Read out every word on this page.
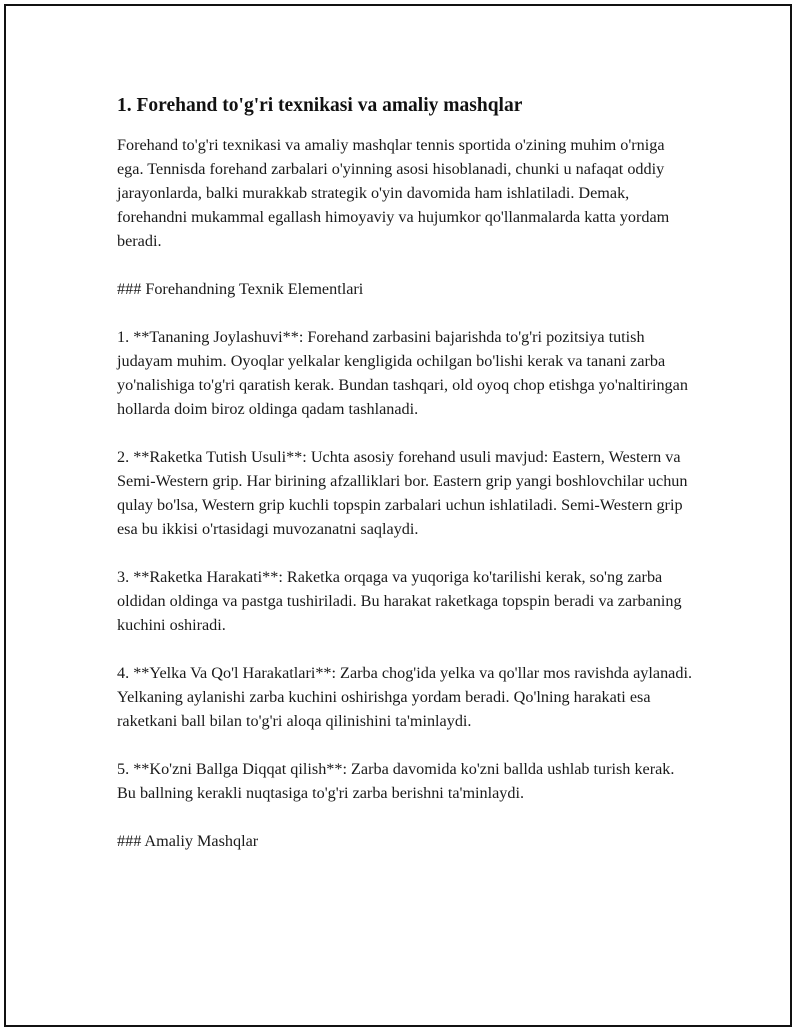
1. Forehand to'g'ri texnikasi va amaliy mashqlar

Forehand to'g'ri texnikasi va amaliy mashqlar tennis sportida o'zining muhim o'rniga ega. Tennisda forehand zarbalari o'yinning asosi hisoblanadi, chunki u nafaqat oddiy jarayonlarda, balki murakkab strategik o'yin davomida ham ishlatiladi. Demak, forehandni mukammal egallash himoyaviy va hujumkor qo'llanmalarda katta yordam beradi.

### Forehandning Texnik Elementlari

1. **Tananing Joylashuvi**: Forehand zarbasini bajarishda to'g'ri pozitsiya tutish judayam muhim. Oyoqlar yelkalar kengligida ochilgan bo'lishi kerak va tanani zarba yo'nalishiga to'g'ri qaratish kerak. Bundan tashqari, old oyoq chop etishga yo'naltiringan hollarda doim biroz oldinga qadam tashlanadi.

2. **Raketka Tutish Usuli**: Uchta asosiy forehand usuli mavjud: Eastern, Western va Semi-Western grip. Har birining afzalliklari bor. Eastern grip yangi boshlovchilar uchun qulay bo'lsa, Western grip kuchli topspin zarbalari uchun ishlatiladi. Semi-Western grip esa bu ikkisi o'rtasidagi muvozanatni saqlaydi.

3. **Raketka Harakati**: Raketka orqaga va yuqoriga ko'tarilishi kerak, so'ng zarba oldidan oldinga va pastga tushiriladi. Bu harakat raketkaga topspin beradi va zarbaning kuchini oshiradi.

4. **Yelka Va Qo'l Harakatlari**: Zarba chog'ida yelka va qo'llar mos ravishda aylanadi. Yelkaning aylanishi zarba kuchini oshirishga yordam beradi. Qo'lning harakati esa raketkani ball bilan to'g'ri aloqa qilinishini ta'minlaydi.

5. **Ko'zni Ballga Diqqat qilish**: Zarba davomida ko'zni ballda ushlab turish kerak. Bu ballning kerakli nuqtasiga to'g'ri zarba berishni ta'minlaydi.

### Amaliy Mashqlar
